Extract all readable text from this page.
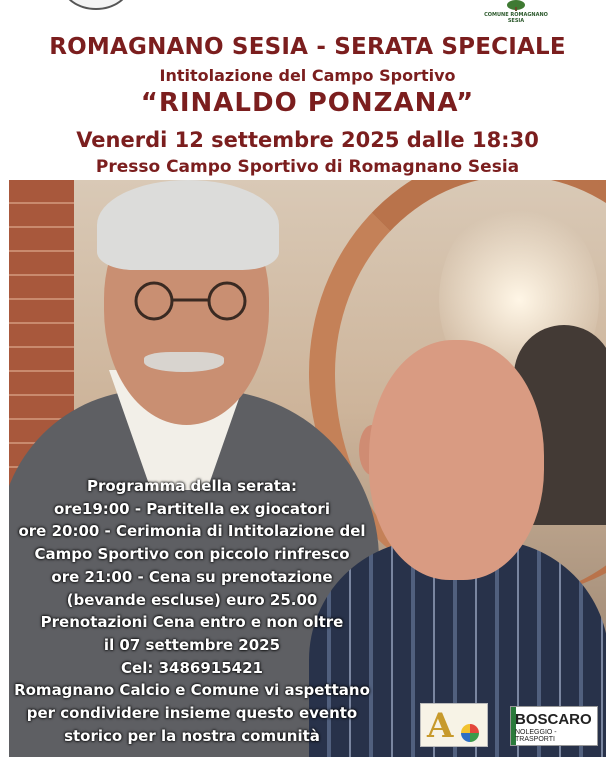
COMUNE ROMAGNANO SESIA
ROMAGNANO SESIA - SERATA SPECIALE
Intitolazione del Campo Sportivo
“RINALDO PONZANA”
Venerdi 12 settembre 2025 dalle 18:30
Presso Campo Sportivo di Romagnano Sesia
Programma della serata:
ore19:00 - Partitella ex giocatori
ore 20:00 - Cerimonia di Intitolazione del
Campo Sportivo con piccolo rinfresco
ore 21:00 - Cena su prenotazione
(bevande escluse) euro 25.00
Prenotazioni Cena entro e non oltre
il 07 settembre 2025
Cel: 3486915421
Romagnano Calcio e Comune vi aspettano
per condividere insieme questo evento
storico per la nostra comunità	A	BOSCARO
NOLEGGIO - TRASPORTI
